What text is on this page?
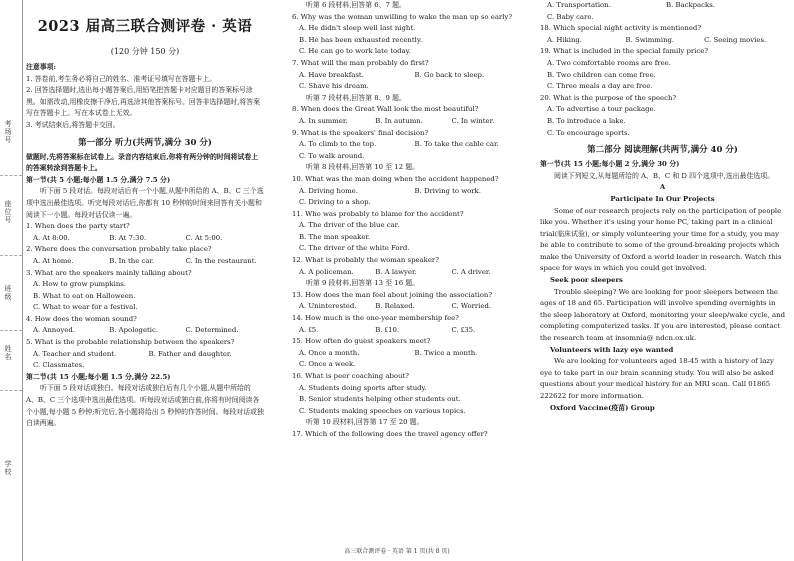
考场号
座位号
班级
姓名
学校
2023 届高三联合测评卷 · 英语
(120 分钟 150 分)

注意事项:

1. 答卷前,考生务必将自己的姓名、准考证号填写在答题卡上。

2. 回答选择题时,选出每小题答案后,用铅笔把答题卡对应题目的答案标号涂黑。如需改动,用橡皮擦干净后,再选涂其他答案标号。回答非选择题时,将答案写在答题卡上。写在本试卷上无效。

3. 考试结束后,将答题卡交回。

第一部分 听力(共两节,满分 30 分)

做题时,先将答案标在试卷上。录音内容结束后,你将有两分钟的时间将试卷上的答案转涂到答题卡上。

第一节(共 5 小题;每小题 1.5 分,满分 7.5 分)

听下面 5 段对话。每段对话后有一个小题,从题中所给的 A、B、C 三个选项中选出最佳选项。听完每段对话后,你都有 10 秒钟的时间来回答有关小题和阅读下一小题。每段对话仅读一遍。

1. When does the party start?

A. At 8:00.	B. At 7:30.	C. At 5:00.

2. Where does the conversation probably take place?

A. At home.	B. In the car.	C. In the restaurant.

3. What are the speakers mainly talking about?

A. How to grow pumpkins.

B. What to eat on Halloween.

C. What to wear for a festival.

4. How does the woman sound?

A. Annoyed.	B. Apologetic.	C. Determined.

5. What is the probable relationship between the speakers?

A. Teacher and student.	B. Father and daughter.

C. Classmates.

第二节(共 15 小题;每小题 1.5 分,满分 22.5)

听下面 5 段对话或独白。每段对话或独白后有几个小题,从题中所给的 A、B、C 三个选项中选出最佳选项。听每段对话或独白前,你将有时间阅读各个小题,每小题 5 秒钟;听完后,各小题将给出 5 秒钟的作答时间。每段对话或独白读两遍。

听第 6 段材料,回答第 6、7 题。

6. Why was the woman unwilling to wake the man up so early?

A. He didn't sleep well last night.

B. He has been exhausted recently.

C. He can go to work late today.

7. What will the man probably do first?

A. Have breakfast.	B. Go back to sleep.

C. Shave his dream.

听第 7 段材料,回答第 8、9 题。

8. When does the Great Wall look the most beautiful?

A. In summer.	B. In autumn.	C. In winter.

9. What is the speakers' final decision?

A. To climb to the top.	B. To take the cable car.

C. To walk around.

听第 8 段材料,回答第 10 至 12 题。

10. What was the man doing when the accident happened?

A. Driving home.	B. Driving to work.

C. Driving to a shop.

11. Who was probably to blame for the accident?

A. The driver of the blue car.

B. The man speaker.

C. The driver of the white Ford.

12. What is probably the woman speaker?

A. A policeman.	B. A lawyer.	C. A driver.

听第 9 段材料,回答第 13 至 16 题。

13. How does the man feel about joining the association?

A. Uninterested.	B. Relaxed.	C. Worried.

14. How much is the one-year membership fee?

A. ₤5.	B. ₤10.	C. ₤35.

15. How often do guest speakers meet?

A. Once a month.	B. Twice a month.

C. Once a week.

16. What is peer coaching about?

A. Students doing sports after study.

B. Senior students helping other students out.

C. Students making speeches on various topics.

听第 10 段材料,回答第 17 至 20 题。

17. Which of the following does the travel agency offer?

A. Transportation.	B. Backpacks.

C. Baby care.

18. Which special night activity is mentioned?

A. Hiking.	B. Swimming.	C. Seeing movies.

19. What is included in the special family price?

A. Two comfortable rooms are free.

B. Two children can come free.

C. Three meals a day are free.

20. What is the purpose of the speech?

A. To advertise a tour package.

B. To introduce a lake.

C. To encourage sports.

第二部分 阅读理解(共两节,满分 40 分)

第一节(共 15 小题;每小题 2 分,满分 30 分)

阅读下列短文,从每题所给的 A、B、C 和 D 四个选项中,选出最佳选项。

A

Participate In Our Projects

Some of our research projects rely on the participation of people like you. Whether it's using your home PC, taking part in a clinical trial(临床试验), or simply volunteering your time for a study, you may be able to contribute to some of the ground-breaking projects which make the University of Oxford a world leader in research. Watch this space for ways in which you could get involved.

Seek poor sleepers

Trouble sleeping? We are looking for poor sleepers between the ages of 18 and 65. Participation will involve spending overnights in the sleep laboratory at Oxford, monitoring your sleep/wake cycle, and completing computerized tasks. If you are interested, please contact the research team at insomnia@ ndcn.ox.uk.

Volunteers with lazy eye wanted

We are looking for volunteers aged 18-45 with a history of lazy eye to take part in our brain scanning study. You will also be asked questions about your medical history for an MRI scan. Call 01865 222622 for more information.

Oxford Vaccine(疫苗) Group

高三联合测评卷 · 英语 第 1 页(共 8 页)
